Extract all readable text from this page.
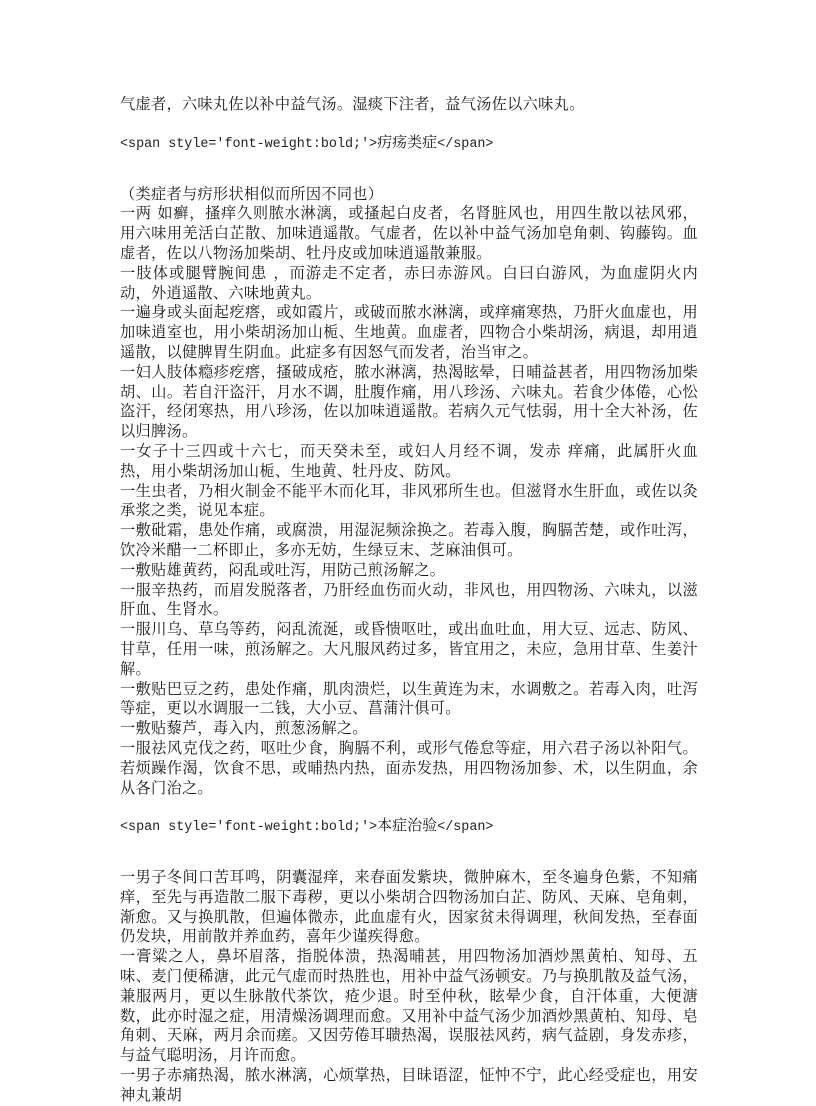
气虚者，六味丸佐以补中益气汤。湿痰下注者，益气汤佐以六味丸。

<span style='font-weight:bold;'>疠疡类症</span>

（类症者与疠形状相似而所因不同也）

一两 如癣，搔痒久则脓水淋漓，或搔起白皮者，名肾脏风也，用四生散以祛风邪，用六味用羌活白芷散、加味逍遥散。气虚者，佐以补中益气汤加皂角刺、钩藤钩。血虚者，佐以八物汤加柴胡、牡丹皮或加味逍遥散兼服。

一肢体或腿臂腕间患 ，而游走不定者，赤曰赤游风。白曰白游风，为血虚阴火内动，外逍遥散、六味地黄丸。

一遍身或头面起疙瘩，或如霞片，或破而脓水淋漓，或痒痛寒热，乃肝火血虚也，用加味逍室也，用小柴胡汤加山栀、生地黄。血虚者，四物合小柴胡汤，病退，却用逍遥散，以健脾胃生阴血。此症多有因怒气而发者，治当审之。

一妇人肢体瘾疹疙瘩，搔破成疮，脓水淋漓，热渴眩晕，日晡益甚者，用四物汤加柴胡、山。若自汗盗汗，月水不调，肚腹作痛，用八珍汤、六味丸。若食少体倦，心忪盗汗，经闭寒热，用八珍汤，佐以加味逍遥散。若病久元气怯弱，用十全大补汤，佐以归脾汤。

一女子十三四或十六七，而天癸未至，或妇人月经不调，发赤 痒痛，此属肝火血热，用小柴胡汤加山栀、生地黄、牡丹皮、防风。

一生虫者，乃相火制金不能平木而化耳，非风邪所生也。但滋肾水生肝血，或佐以灸承浆之类，说见本症。

一敷砒霜，患处作痛，或腐溃，用湿泥频涂换之。若毒入腹，胸膈苦楚，或作吐泻，饮冷米醋一二杯即止，多亦无妨，生绿豆末、芝麻油俱可。

一敷贴雄黄药，闷乱或吐泻，用防己煎汤解之。

一服辛热药，而眉发脱落者，乃肝经血伤而火动，非风也，用四物汤、六味丸，以滋肝血、生肾水。

一服川乌、草乌等药，闷乱流涎，或昏愦呕吐，或出血吐血，用大豆、远志、防风、甘草，任用一味，煎汤解之。大凡服风药过多，皆宜用之，未应，急用甘草、生姜汁解。

一敷贴巴豆之药，患处作痛，肌肉溃烂，以生黄连为末，水调敷之。若毒入肉，吐泻等症，更以水调服一二钱，大小豆、菖蒲汁俱可。

一敷贴藜芦，毒入内，煎葱汤解之。

一服祛风克伐之药，呕吐少食，胸膈不利，或形气倦怠等症，用六君子汤以补阳气。若烦躁作渴，饮食不思，或晡热内热，面赤发热，用四物汤加参、术，以生阴血，余从各门治之。

<span style='font-weight:bold;'>本症治验</span>

一男子冬间口苦耳鸣，阴囊湿痒，来春面发紫块，微肿麻木，至冬遍身色紫，不知痛痒，至先与再造散二服下毒秽，更以小柴胡合四物汤加白芷、防风、天麻、皂角刺，渐愈。又与换肌散，但遍体微赤，此血虚有火，因家贫未得调理，秋间发热，至春面仍发块，用前散并养血药，喜年少谨疾得愈。

一膏粱之人，鼻坏眉落，指脱体溃，热渴晡甚，用四物汤加酒炒黑黄柏、知母、五味、麦门便稀溏，此元气虚而时热胜也，用补中益气汤顿安。乃与换肌散及益气汤，兼服两月，更以生脉散代茶饮，疮少退。时至仲秋，眩晕少食，自汗体重，大便溏数，此亦时湿之症，用清燥汤调理而愈。又用补中益气汤少加酒炒黑黄柏、知母、皂角刺、天麻，两月余而瘥。又因劳倦耳聩热渴，误服祛风药，病气益剧，身发赤疹，与益气聪明汤，月许而愈。

一男子赤痛热渴，脓水淋漓，心烦掌热，目昧语涩，怔忡不宁，此心经受症也，用安神丸兼胡
